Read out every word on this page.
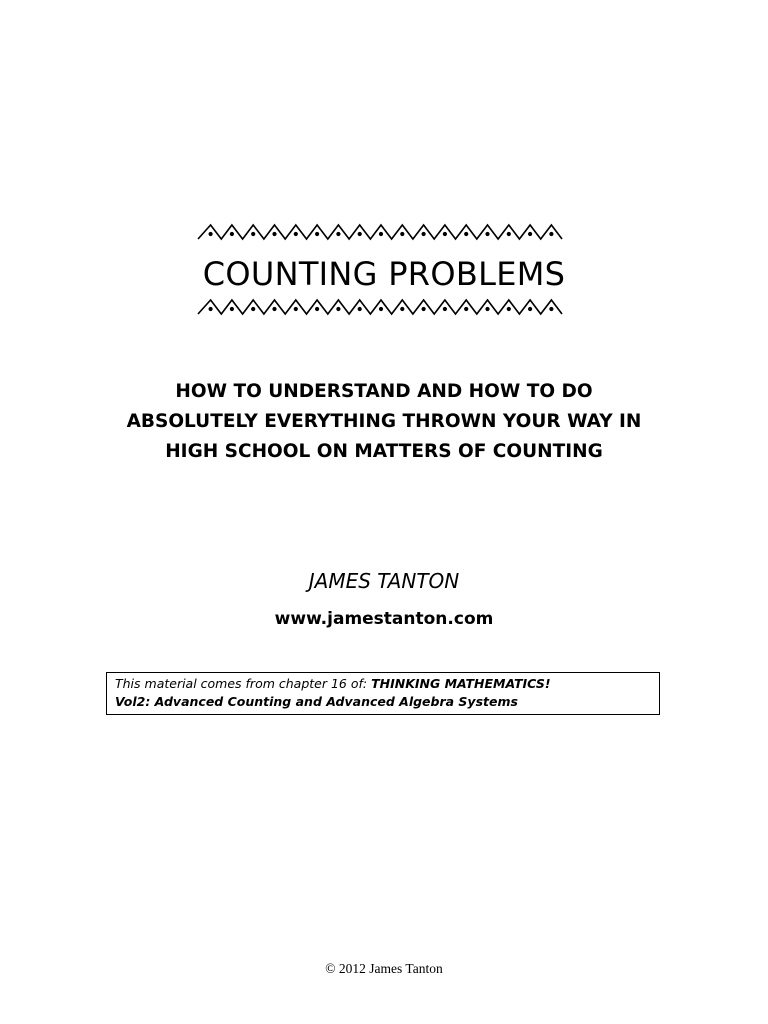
COUNTING PROBLEMS
HOW TO UNDERSTAND AND HOW TO DO
ABSOLUTELY EVERYTHING THROWN YOUR WAY IN
HIGH SCHOOL ON MATTERS OF COUNTING
JAMES TANTON
www.jamestanton.com
This material comes from chapter 16 of: THINKING MATHEMATICS!
Vol2: Advanced Counting and Advanced Algebra Systems
© 2012 James Tanton
